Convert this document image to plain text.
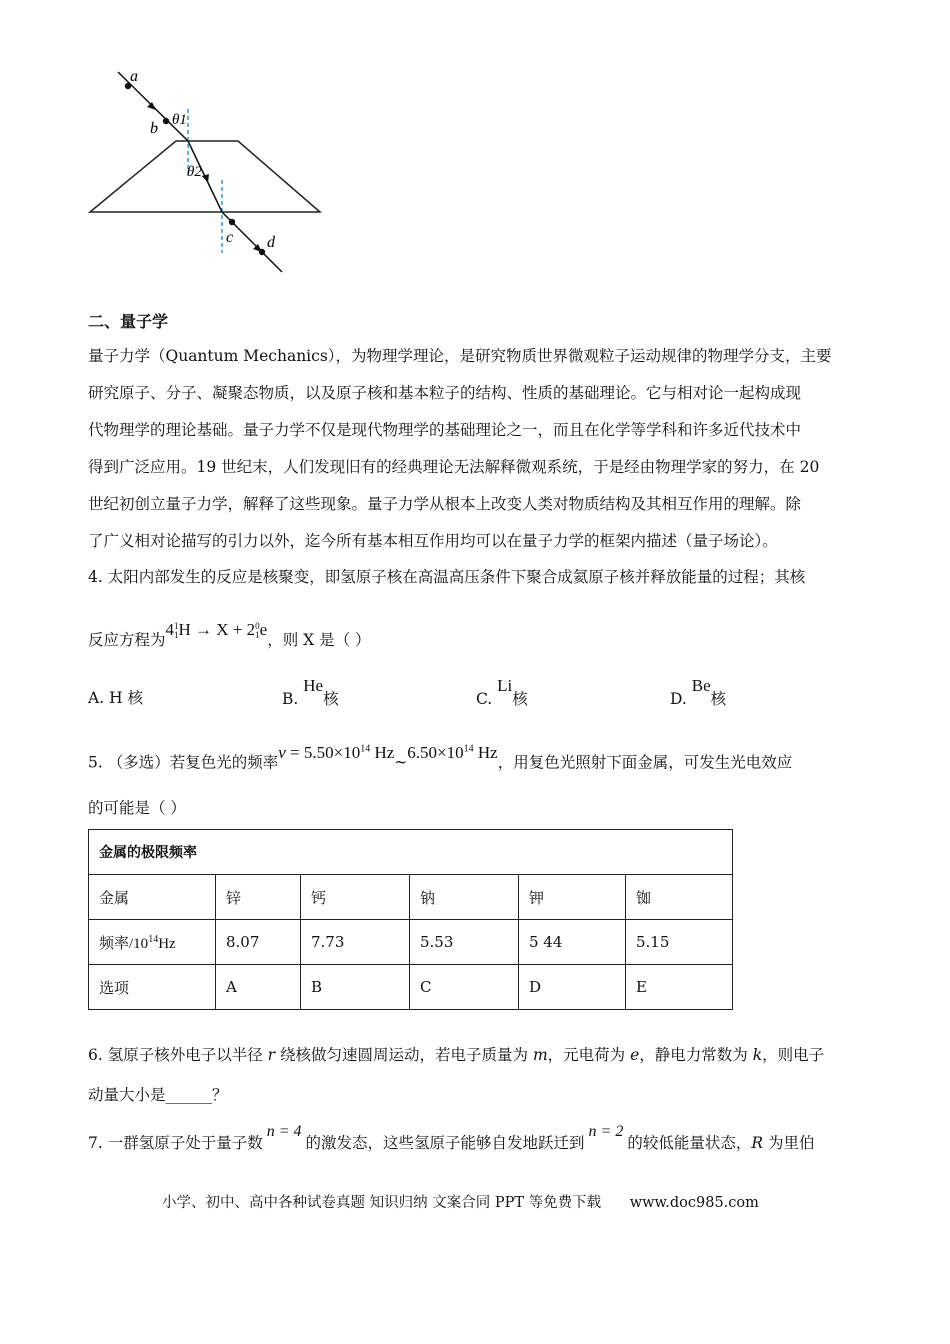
a
b θ1
θ2
c d
二、量子学
量子力学（Quantum Mechanics），为物理学理论，是研究物质世界微观粒子运动规律的物理学分支，主要
研究原子、分子、凝聚态物质，以及原子核和基本粒子的结构、性质的基础理论。它与相对论一起构成现
代物理学的理论基础。量子力学不仅是现代物理学的基础理论之一，而且在化学等学科和许多近代技术中
得到广泛应用。19 世纪末，人们发现旧有的经典理论无法解释微观系统，于是经由物理学家的努力，在 20
世纪初创立量子力学，解释了这些现象。量子力学从根本上改变人类对物质结构及其相互作用的理解。除
了广义相对论描写的引力以外，迄今所有基本相互作用均可以在量子力学的框架内描述（量子场论）。
4. 太阳内部发生的反应是核聚变，即氢原子核在高温高压条件下聚合成氦原子核并释放能量的过程；其核
反应方程为4 1
1 H → X + 2 0
1 e，则 X 是（ ）
A. H 核	B. He核	C. Li核	D. Be核
5. （多选）若复色光的频率$\nu = 5.50\times 10^{14}$ $Hz\sim 6.50\times 10^{14}$ Hz，用复色光照射下面金属，可发生光电效应
的可能是（ ）
金属的极限频率					
金属	锌	钙	钠	钾	铷
频率$/10^{14}Hz$	8.07	7.73	5.53	5 44	5.15
选项	A	B	C	D	E
6. 氢原子核外电子以半径 r 绕核做匀速圆周运动，若电子质量为 m，元电荷为 e，静电力常数为 k，则电子
动量大小是______？
7. 一群氢原子处于量子数n = 4的激发态，这些氢原子能够自发地跃迁到n = 2的较低能量状态，R 为里伯
小学、初中、高中各种试卷真题 知识归纳 文案合同 PPT 等免费下载 www.doc985.com
